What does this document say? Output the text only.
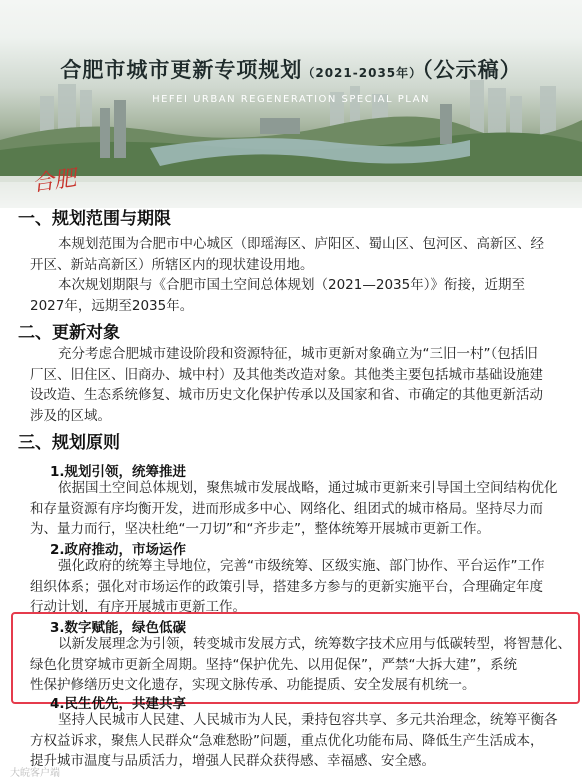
合肥市城市更新专项规划（2021-2035年）（公示稿）
HEFEI URBAN REGENERATION SPECIAL PLAN
合肥
一、规划范围与期限
本规划范围为合肥市中心城区（即瑶海区、庐阳区、蜀山区、包河区、高新区、经
开区、新站高新区）所辖区内的现状建设用地。
本次规划期限与《合肥市国土空间总体规划（2021—2035年）》衔接，近期至
2027年，远期至2035年。
二、更新对象
充分考虑合肥城市建设阶段和资源特征，城市更新对象确立为“三旧一村”（包括旧
厂区、旧住区、旧商办、城中村）及其他类改造对象。其他类主要包括城市基础设施建
设改造、生态系统修复、城市历史文化保护传承以及国家和省、市确定的其他更新活动
涉及的区域。
三、规划原则
1.规划引领，统筹推进
依据国土空间总体规划，聚焦城市发展战略，通过城市更新来引导国土空间结构优化
和存量资源有序均衡开发，进而形成多中心、网络化、组团式的城市格局。坚持尽力而
为、量力而行，坚决杜绝“一刀切”和“齐步走”，整体统筹开展城市更新工作。
2.政府推动，市场运作
强化政府的统筹主导地位，完善“市级统筹、区级实施、部门协作、平台运作”工作
组织体系；强化对市场运作的政策引导，搭建多方参与的更新实施平台，合理确定年度
行动计划，有序开展城市更新工作。
3.数字赋能，绿色低碳
以新发展理念为引领，转变城市发展方式，统筹数字技术应用与低碳转型，将智慧化、
绿色化贯穿城市更新全周期。坚持“保护优先、以用促保”，严禁“大拆大建”，系统
性保护修缮历史文化遗存，实现文脉传承、功能提质、安全发展有机统一。
4.民生优先，共建共享
坚持人民城市人民建、人民城市为人民，秉持包容共享、多元共治理念，统筹平衡各
方权益诉求，聚焦人民群众“急难愁盼”问题，重点优化功能布局、降低生产生活成本，
提升城市温度与品质活力，增强人民群众获得感、幸福感、安全感。
大皖客户端
